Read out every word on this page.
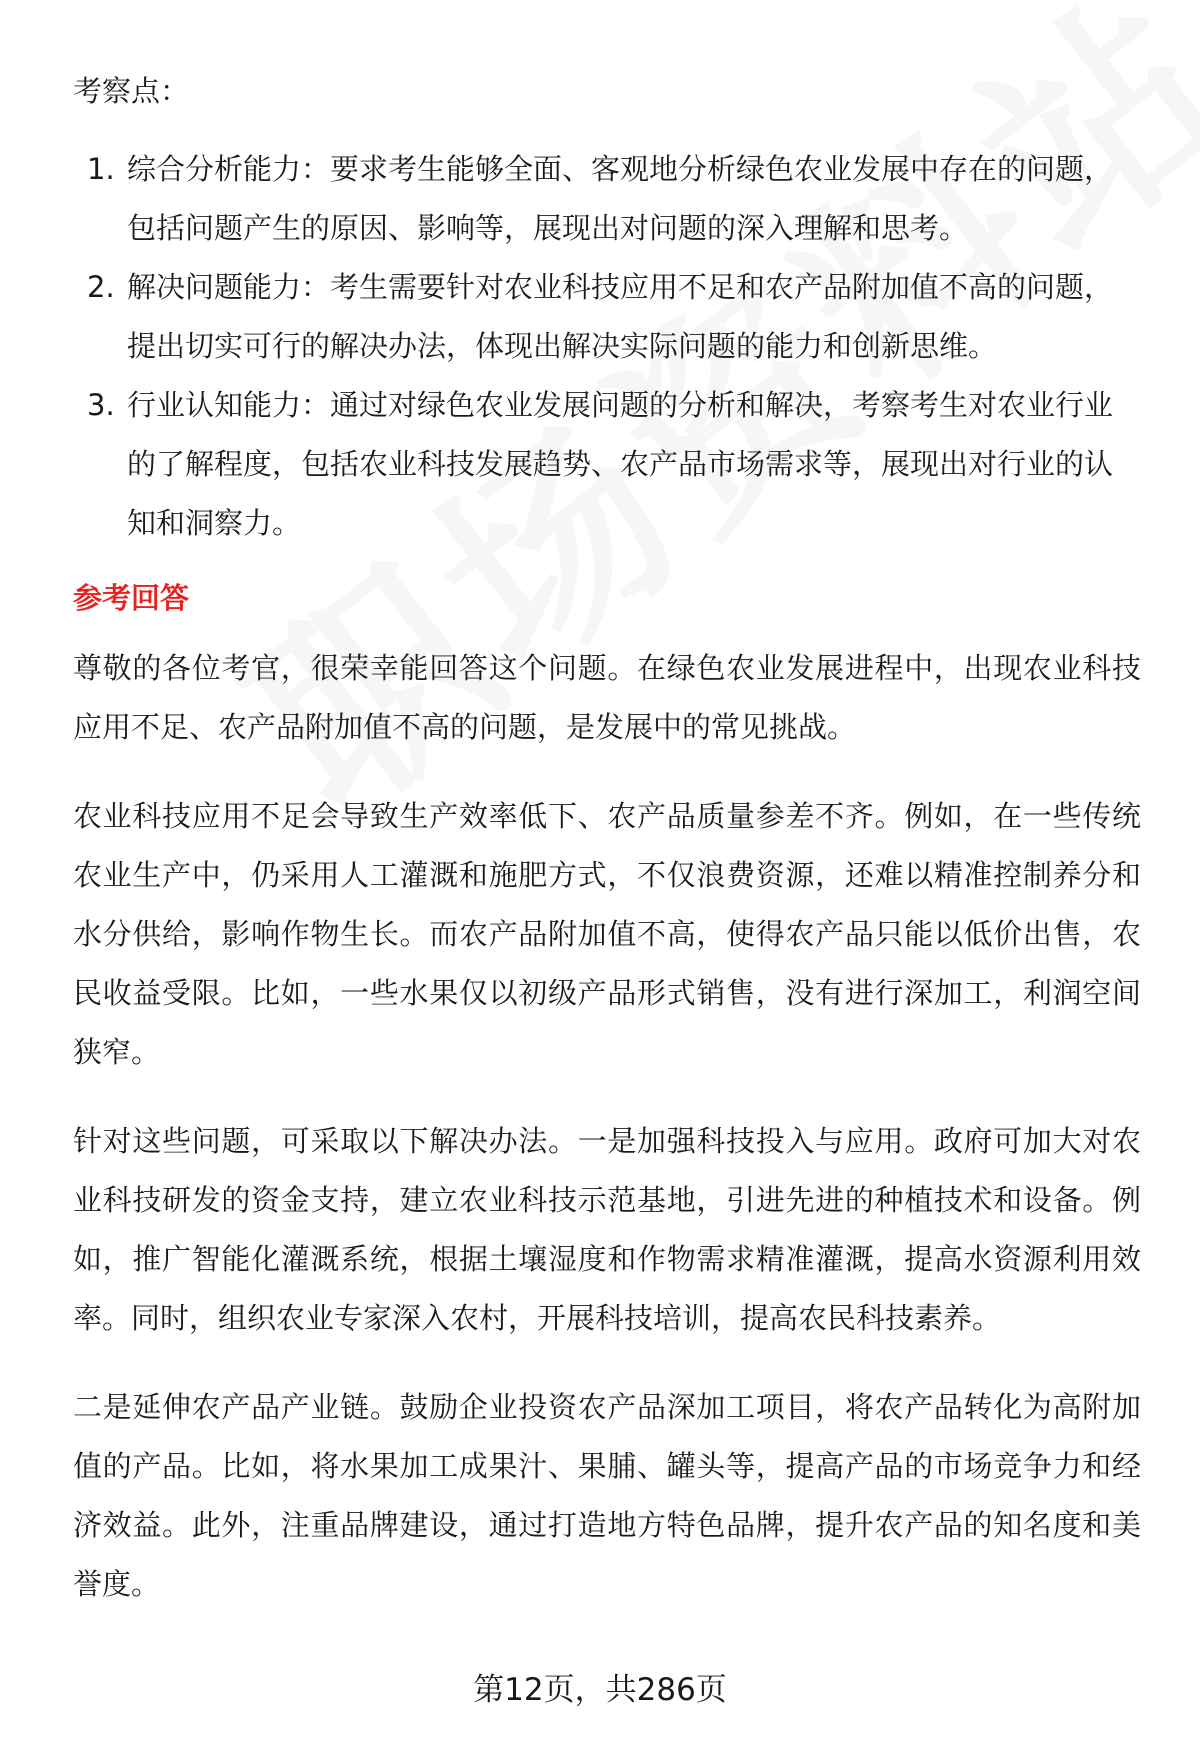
考察点：

1. 综合分析能力：要求考生能够全面、客观地分析绿色农业发展中存在的问题，包括问题产生的原因、影响等，展现出对问题的深入理解和思考。
2. 解决问题能力：考生需要针对农业科技应用不足和农产品附加值不高的问题，提出切实可行的解决办法，体现出解决实际问题的能力和创新思维。
3. 行业认知能力：通过对绿色农业发展问题的分析和解决，考察考生对农业行业的了解程度，包括农业科技发展趋势、农产品市场需求等，展现出对行业的认知和洞察力。

参考回答

尊敬的各位考官，很荣幸能回答这个问题。在绿色农业发展进程中，出现农业科技应用不足、农产品附加值不高的问题，是发展中的常见挑战。

农业科技应用不足会导致生产效率低下、农产品质量参差不齐。例如，在一些传统农业生产中，仍采用人工灌溉和施肥方式，不仅浪费资源，还难以精准控制养分和水分供给，影响作物生长。而农产品附加值不高，使得农产品只能以低价出售，农民收益受限。比如，一些水果仅以初级产品形式销售，没有进行深加工，利润空间狭窄。

针对这些问题，可采取以下解决办法。一是加强科技投入与应用。政府可加大对农业科技研发的资金支持，建立农业科技示范基地，引进先进的种植技术和设备。例如，推广智能化灌溉系统，根据土壤湿度和作物需求精准灌溉，提高水资源利用效率。同时，组织农业专家深入农村，开展科技培训，提高农民科技素养。

二是延伸农产品产业链。鼓励企业投资农产品深加工项目，将农产品转化为高附加值的产品。比如，将水果加工成果汁、果脯、罐头等，提高产品的市场竞争力和经济效益。此外，注重品牌建设，通过打造地方特色品牌，提升农产品的知名度和美誉度。

第12页，共286页
